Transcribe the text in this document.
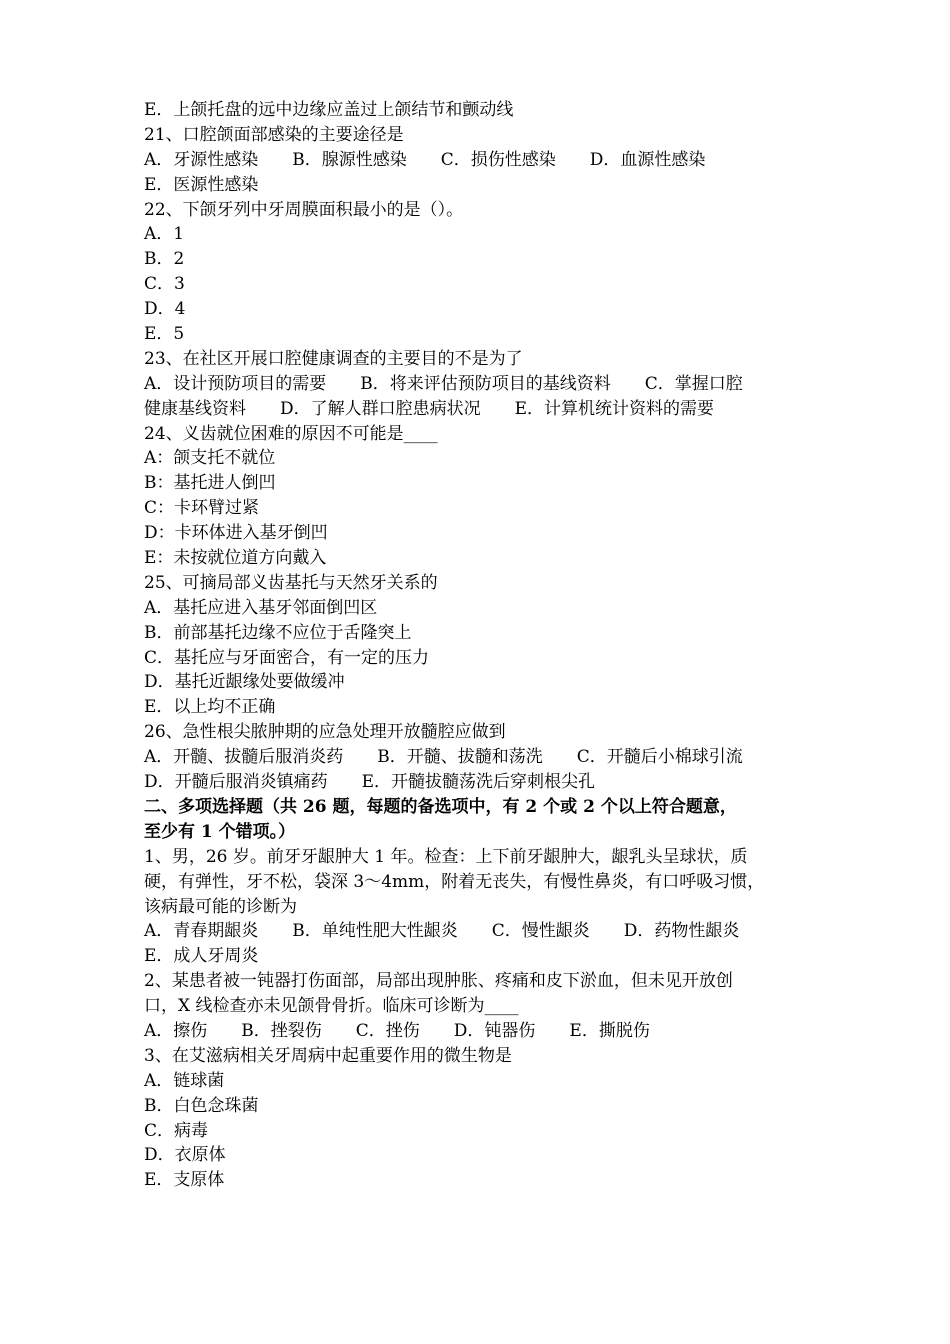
E．上颌托盘的远中边缘应盖过上颌结节和颤动线
21、口腔颌面部感染的主要途径是
A．牙源性感染　　B．腺源性感染　　C．损伤性感染　　D．血源性感染
E．医源性感染
22、下颌牙列中牙周膜面积最小的是（）。
A．1
B．2
C．3
D．4
E．5
23、在社区开展口腔健康调查的主要目的不是为了
A．设计预防项目的需要　　B．将来评估预防项目的基线资料　　C．掌握口腔
健康基线资料　　D．了解人群口腔患病状况　　E．计算机统计资料的需要
24、义齿就位困难的原因不可能是____
A：颌支托不就位
B：基托进人倒凹
C：卡环臂过紧
D：卡环体进入基牙倒凹
E：未按就位道方向戴入
25、可摘局部义齿基托与天然牙关系的
A．基托应进入基牙邻面倒凹区
B．前部基托边缘不应位于舌隆突上
C．基托应与牙面密合，有一定的压力
D．基托近龈缘处要做缓冲
E．以上均不正确
26、急性根尖脓肿期的应急处理开放髓腔应做到
A．开髓、拔髓后服消炎药　　B．开髓、拔髓和荡洗　　C．开髓后小棉球引流
D．开髓后服消炎镇痛药　　E．开髓拔髓荡洗后穿刺根尖孔
二、多项选择题（共 26 题，每题的备选项中，有 2 个或 2 个以上符合题意，
至少有 1 个错项。）
1、男，26 岁。前牙牙龈肿大 1 年。检查：上下前牙龈肿大，龈乳头呈球状，质
硬，有弹性，牙不松，袋深 3～4mm，附着无丧失，有慢性鼻炎，有口呼吸习惯，
该病最可能的诊断为
A．青春期龈炎　　B．单纯性肥大性龈炎　　C．慢性龈炎　　D．药物性龈炎
E．成人牙周炎
2、某患者被一钝器打伤面部，局部出现肿胀、疼痛和皮下淤血，但未见开放创
口，X 线检查亦未见颌骨骨折。临床可诊断为____
A．擦伤　　B．挫裂伤　　C．挫伤　　D．钝器伤　　E．撕脱伤
3、在艾滋病相关牙周病中起重要作用的微生物是
A．链球菌
B．白色念珠菌
C．病毒
D．衣原体
E．支原体
